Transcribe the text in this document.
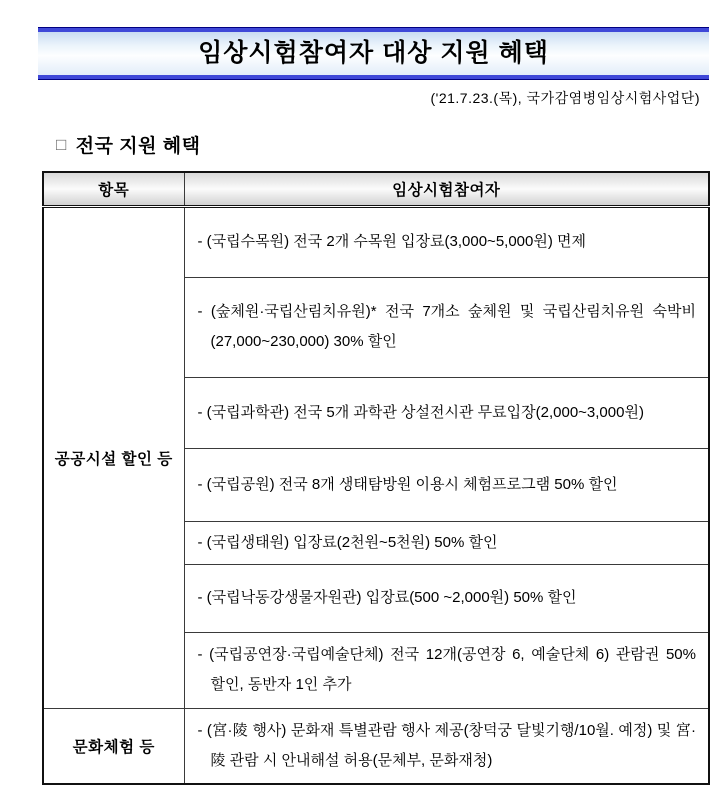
임상시험참여자 대상 지원 혜택
('21.7.23.(목), 국가감염병임상시험사업단)
□ 전국 지원 혜택
항목	임상시험참여자
공공시설 할인 등	- (국립수목원) 전국 2개 수목원 입장료(3,000~5,000원) 면제

	- (숲체원·국립산림치유원)* 전국 7개소 숲체원 및 국립산림치유원 숙박비 (27,000~230,000) 30% 할인

	- (국립과학관) 전국 5개 과학관 상설전시관 무료입장(2,000~3,000원)

	- (국립공원) 전국 8개 생태탐방원 이용시 체험프로그램 50% 할인

	- (국립생태원) 입장료(2천원~5천원) 50% 할인

	- (국립낙동강생물자원관) 입장료(500 ~2,000원) 50% 할인

	- (국립공연장·국립예술단체) 전국 12개(공연장 6, 예술단체 6) 관람권 50% 할인, 동반자 1인 추가

문화체험 등	- (宮·陵 행사) 문화재 특별관람 행사 제공(창덕궁 달빛기행/10월. 예정) 및 宮·陵 관람 시 안내해설 허용(문체부, 문화재청)
